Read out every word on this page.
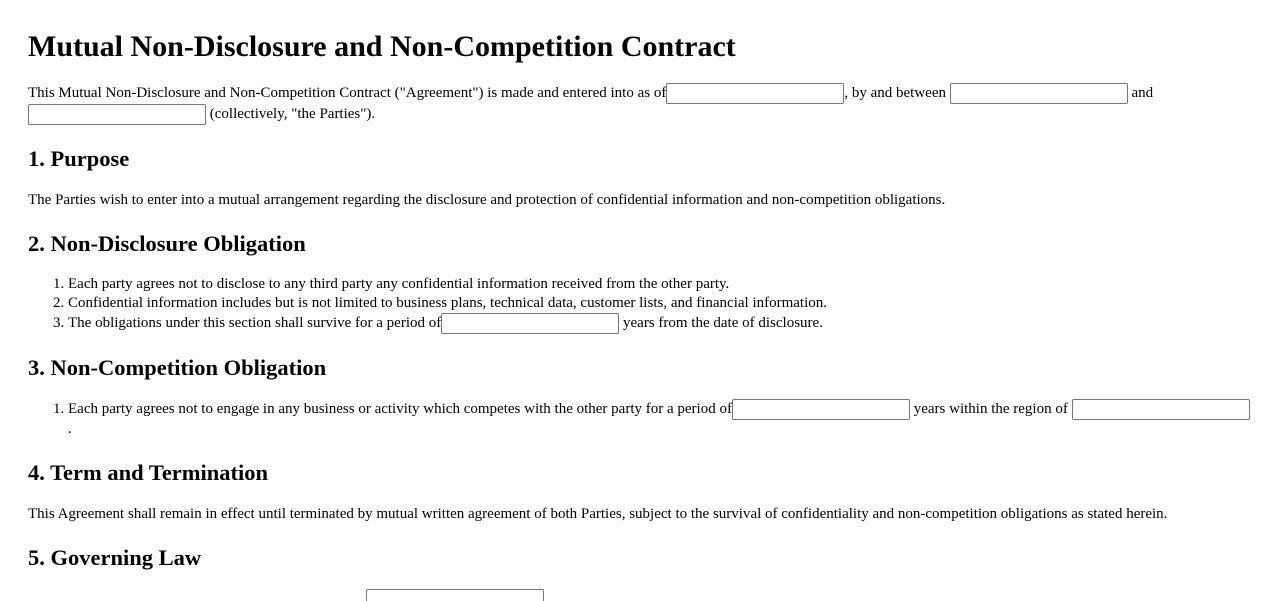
Mutual Non-Disclosure and Non-Competition Contract

This Mutual Non-Disclosure and Non-Competition Contract ("Agreement") is made and entered into as of	, by and between	and  (collectively, "the Parties").

1. Purpose

The Parties wish to enter into a mutual arrangement regarding the disclosure and protection of confidential information and non-competition obligations.

2. Non-Disclosure Obligation
1. Each party agrees not to disclose to any third party any confidential information received from the other party.
2. Confidential information includes but is not limited to business plans, technical data, customer lists, and financial information.
3. The obligations under this section shall survive for a period of	years from the date of disclosure.
3. Non-Competition Obligation
1. Each party agrees not to engage in any business or activity which competes with the other party for a period of	years within the region of .
4. Term and Termination

This Agreement shall remain in effect until terminated by mutual written agreement of both Parties, subject to the survival of confidentiality and non-competition obligations as stated herein.

5. Governing Law
